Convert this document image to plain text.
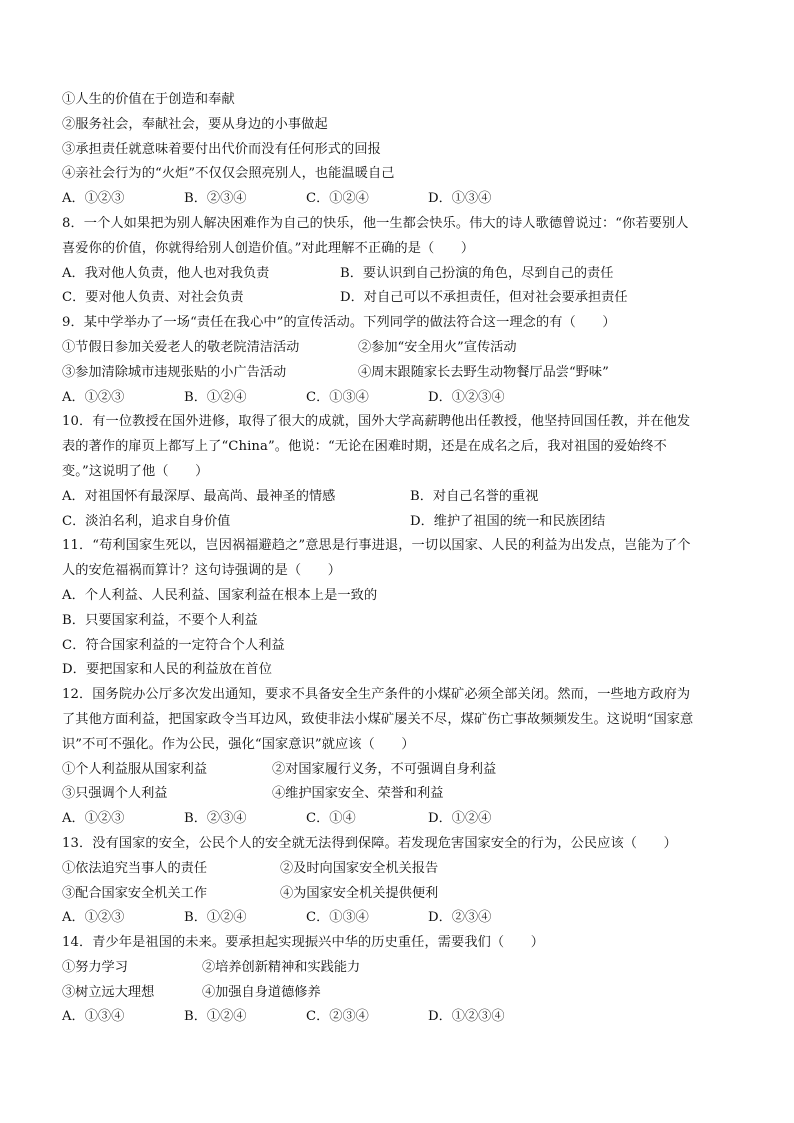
①人生的价值在于创造和奉献
②服务社会，奉献社会，要从身边的小事做起
③承担责任就意味着要付出代价而没有任何形式的回报
④亲社会行为的“火炬”不仅仅会照亮别人，也能温暖自己
A．①②③	B．②③④	C．①②④	D．①③④
8．一个人如果把为别人解决困难作为自己的快乐，他一生都会快乐。伟大的诗人歌德曾说过：“你若要别人
喜爱你的价值，你就得给别人创造价值。”对此理解不正确的是（　　）
A．我对他人负责，他人也对我负责	B．要认识到自己扮演的角色，尽到自己的责任
C．要对他人负责、对社会负责	D．对自己可以不承担责任，但对社会要承担责任
9．某中学举办了一场“责任在我心中”的宣传活动。下列同学的做法符合这一理念的有（　　）
①节假日参加关爱老人的敬老院清洁活动	②参加“安全用火”宣传活动
③参加清除城市违规张贴的小广告活动	④周末跟随家长去野生动物餐厅品尝“野味”
A．①②③	B．①②④	C．①③④	D．①②③④
10．有一位教授在国外进修，取得了很大的成就，国外大学高薪聘他出任教授，他坚持回国任教，并在他发
表的著作的扉页上都写上了“China”。他说：“无论在困难时期，还是在成名之后，我对祖国的爱始终不
变。”这说明了他（　　）
A．对祖国怀有最深厚、最高尚、最神圣的情感	B．对自己名誉的重视
C．淡泊名利，追求自身价值	D．维护了祖国的统一和民族团结
11．“苟利国家生死以，岂因祸福避趋之”意思是行事进退，一切以国家、人民的利益为出发点，岂能为了个
人的安危福祸而算计？这句诗强调的是（　　）
A．个人利益、人民利益、国家利益在根本上是一致的
B．只要国家利益，不要个人利益
C．符合国家利益的一定符合个人利益
D．要把国家和人民的利益放在首位
12．国务院办公厅多次发出通知，要求不具备安全生产条件的小煤矿必须全部关闭。然而，一些地方政府为
了其他方面利益，把国家政令当耳边风，致使非法小煤矿屡关不尽，煤矿伤亡事故频频发生。这说明“国家意
识”不可不强化。作为公民，强化“国家意识”就应该（　　）
①个人利益服从国家利益	②对国家履行义务，不可强调自身利益
③只强调个人利益	④维护国家安全、荣誉和利益
A．①②③	B．②③④	C．①④	D．①②④
13．没有国家的安全，公民个人的安全就无法得到保障。若发现危害国家安全的行为，公民应该（　　）
①依法追究当事人的责任	②及时向国家安全机关报告
③配合国家安全机关工作	④为国家安全机关提供便利
A．①②③	B．①②④	C．①③④	D．②③④
14．青少年是祖国的未来。要承担起实现振兴中华的历史重任，需要我们（　　）
①努力学习	②培养创新精神和实践能力
③树立远大理想	④加强自身道德修养
A．①③④	B．①②④	C．②③④	D．①②③④
